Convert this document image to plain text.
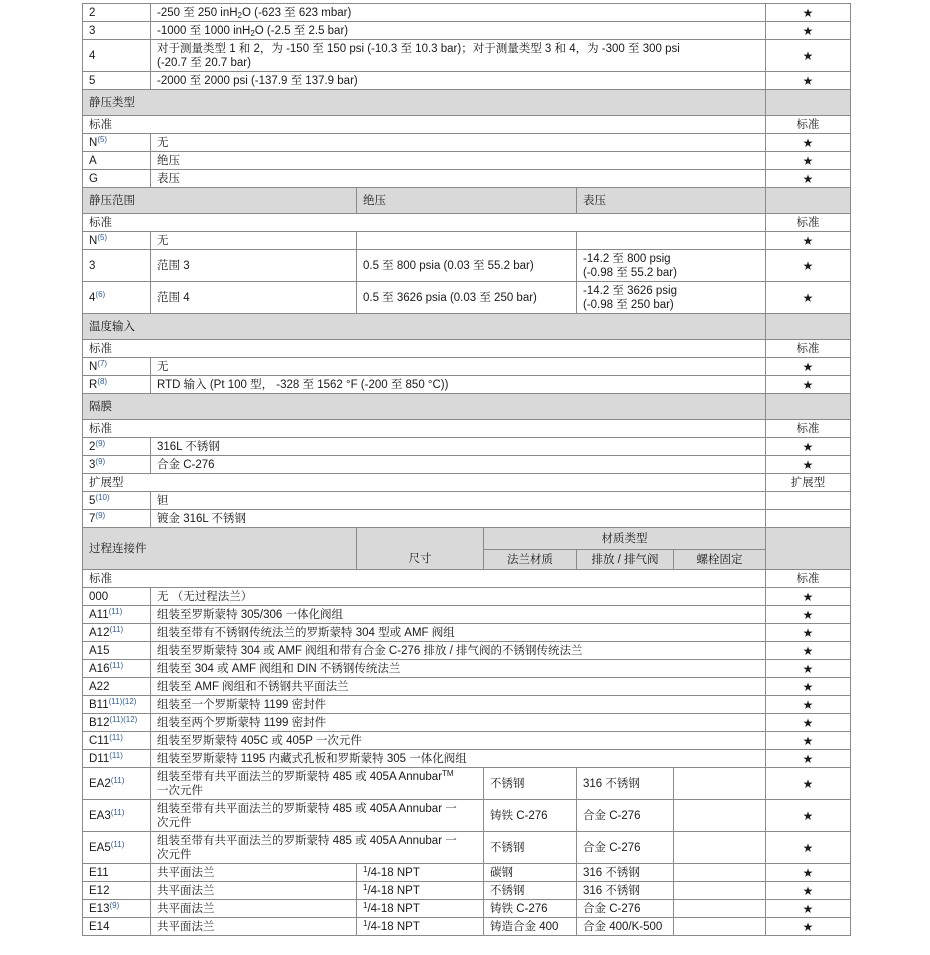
2	-250 至 250 inH$_2$O (-623 至 623 mbar)					★
3	-1000 至 1000 inH$_2$O (-2.5 至 2.5 bar)					★
4	对于测量类型 1 和 2，为 -150 至 150 psi (-10.3 至 10.3 bar)；对于测量类型 3 和 4，为 -300 至 300 psi
(-20.7 至 20.7 bar)					★
5	-2000 至 2000 psi (-137.9 至 137.9 bar)					★
静压类型						
标准						标准
$N^{(5)}$	无					★
A	绝压					★
G	表压					★
静压范围		绝压		表压		
标准						标准
$N^{(5)}$	无					★
3	范围 3	0.5 至 800 psia (0.03 至 55.2 bar)		-14.2 至 800 psig
(-0.98 至 55.2 bar)		★
4$^{(6)}$	范围 4	0.5 至 3626 psia (0.03 至 250 bar)		-14.2 至 3626 psig
(-0.98 至 250 bar)		★
温度输入						
标准						标准
$N^{(7)}$	无					★
$R^{(8)}$	RTD 输入 (Pt 100 型， -328 至 1562 °F (-200 至 850 °C))					★
隔膜						
标准						标准
2$^{(9)}$	316L 不锈钢					★
3$^{(9)}$	合金 C-276					★
扩展型						扩展型
5$^{(10)}$	钽					
7$^{(9)}$	镀金 316L 不锈钢					
过程连接件		尺寸	材质类型			
			法兰材质	排放 / 排气阀	螺栓固定	
标准						标准
000	无 （无过程法兰）					★
A11$^{(11)}$	组装至罗斯蒙特 305/306 一体化阀组					★
A12$^{(11)}$	组装至带有不锈钢传统法兰的罗斯蒙特 304 型或 AMF 阀组					★
A15	组装至罗斯蒙特 304 或 AMF 阀组和带有合金 C-276 排放 / 排气阀的不锈钢传统法兰					★
A16$^{(11)}$	组装至 304 或 AMF 阀组和 DIN 不锈钢传统法兰					★
A22	组装至 AMF 阀组和不锈钢共平面法兰					★
$B11^{(11)(12)}$	组装至一个罗斯蒙特 1199 密封件					★
$B12^{(11)(12)}$	组装至两个罗斯蒙特 1199 密封件					★
C11$^{(11)}$	组装至罗斯蒙特 405C 或 405P 一次元件					★
D11$^{(11)}$	组装至罗斯蒙特 1195 内藏式孔板和罗斯蒙特 305 一体化阀组					★
EA2$^{(11)}$	组装至带有共平面法兰的罗斯蒙特 485 或 405A Annubar™
一次元件		不锈钢	316 不锈钢		★
EA3$^{(11)}$	组装至带有共平面法兰的罗斯蒙特 485 或 405A Annubar 一
次元件		铸铁 C-276	合金 C-276		★
EA5$^{(11)}$	组装至带有共平面法兰的罗斯蒙特 485 或 405A Annubar 一
次元件		不锈钢	合金 C-276		★
E11	共平面法兰	$^1$/4-18 NPT	碳钢	316 不锈钢		★
E12	共平面法兰	$^1$/4-18 NPT	不锈钢	316 不锈钢		★
E13$^{(9)}$	共平面法兰	$^1$/4-18 NPT	铸铁 C-276	合金 C-276		★
E14	共平面法兰	$^1$/4-18 NPT	铸造合金 400	合金 400/K-500		★
